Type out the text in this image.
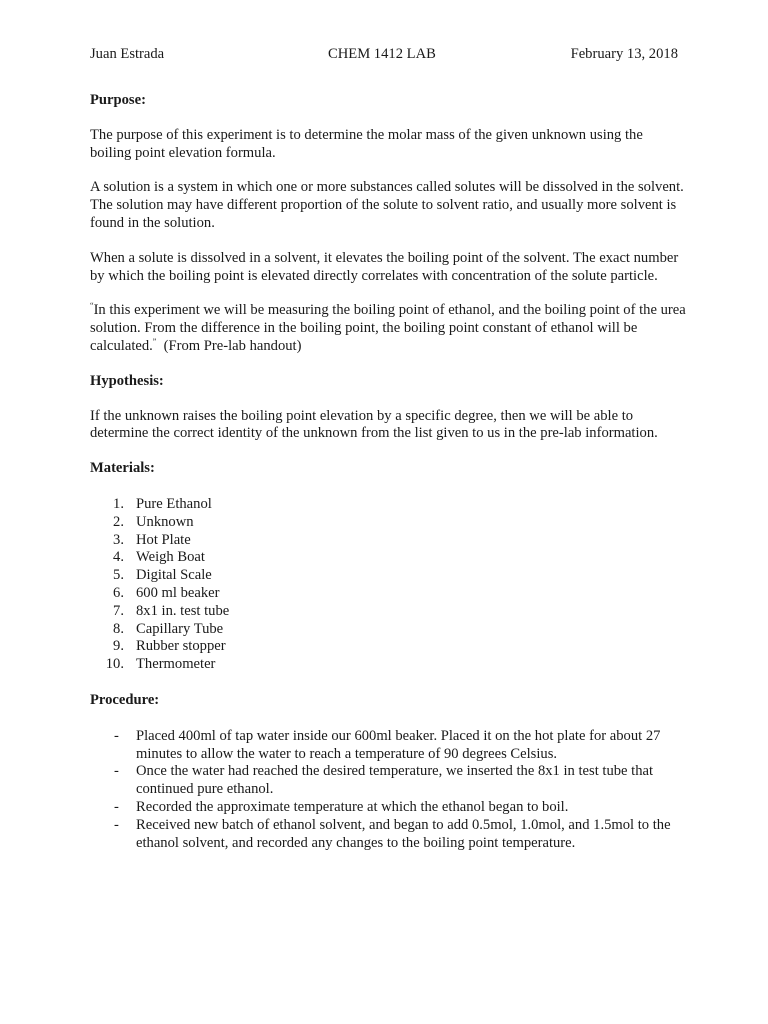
Juan Estrada	CHEM 1412 LAB	February 13, 2018

Purpose:

The purpose of this experiment is to determine the molar mass of the given unknown using the boiling point elevation formula.

A solution is a system in which one or more substances called solutes will be dissolved in the solvent. The solution may have different proportion of the solute to solvent ratio, and usually more solvent is found in the solution.

When a solute is dissolved in a solvent, it elevates the boiling point of the solvent. The exact number by which the boiling point is elevated directly correlates with concentration of the solute particle.

“In this experiment we will be measuring the boiling point of ethanol, and the boiling point of the urea solution. From the difference in the boiling point, the boiling point constant of ethanol will be calculated.”  (From Pre-lab handout)

Hypothesis:

If the unknown raises the boiling point elevation by a specific degree, then we will be able to determine the correct identity of the unknown from the list given to us in the pre-lab information.

Materials:

1. Pure Ethanol
2. Unknown
3. Hot Plate
4. Weigh Boat
5. Digital Scale
6. 600 ml beaker
7. 8x1 in. test tube
8. Capillary Tube
9. Rubber stopper
10. Thermometer

Procedure:

- Placed 400ml of tap water inside our 600ml beaker. Placed it on the hot plate for about 27 minutes to allow the water to reach a temperature of 90 degrees Celsius.
- Once the water had reached the desired temperature, we inserted the 8x1 in test tube that continued pure ethanol.
- Recorded the approximate temperature at which the ethanol began to boil.
- Received new batch of ethanol solvent, and began to add 0.5mol, 1.0mol, and 1.5mol to the ethanol solvent, and recorded any changes to the boiling point temperature.
